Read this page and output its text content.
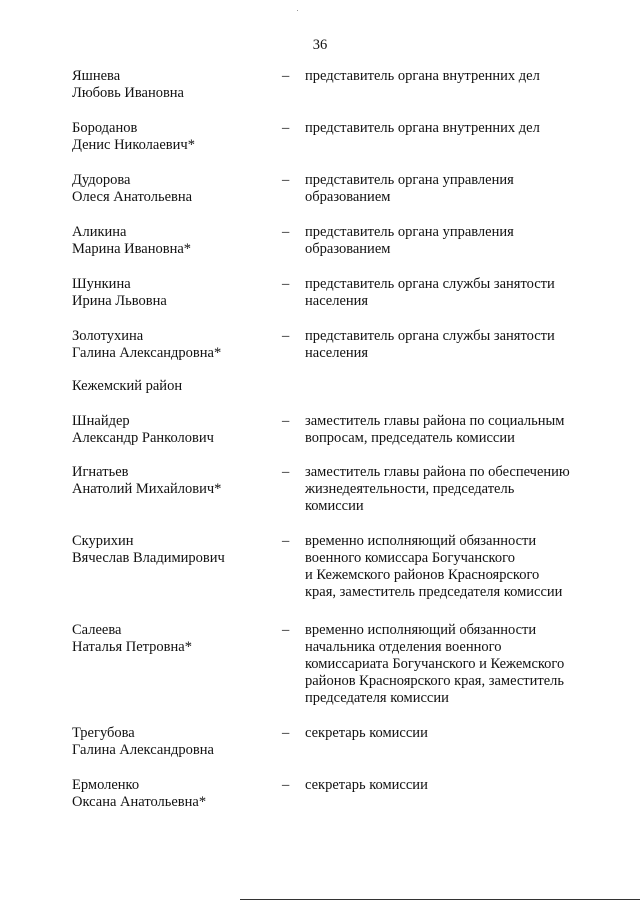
36
Кежемский район
Яшнева
Любовь Ивановна
– представитель органа внутренних дел
Бороданов
Денис Николаевич*
– представитель органа внутренних дел
Дудорова
Олеся Анатольевна
– представитель органа управления
образованием
Аликина
Марина Ивановна*
– представитель органа управления
образованием
Шункина
Ирина Львовна
– представитель органа службы занятости
населения
Золотухина
Галина Александровна*
– представитель органа службы занятости
населения
Шнайдер
Александр Ранколович
– заместитель главы района по социальным
вопросам, председатель комиссии
Игнатьев
Анатолий Михайлович*
– заместитель главы района по обеспечению
жизнедеятельности, председатель
комиссии
Скурихин
Вячеслав Владимирович
– временно исполняющий обязанности
военного комиссара Богучанского
и Кежемского районов Красноярского
края, заместитель председателя комиссии
Салеева
Наталья Петровна*
– временно исполняющий обязанности
начальника отделения военного
комиссариата Богучанского и Кежемского
районов Красноярского края, заместитель
председателя комиссии
Трегубова
Галина Александровна
– секретарь комиссии
Ермоленко
Оксана Анатольевна*
– секретарь комиссии
